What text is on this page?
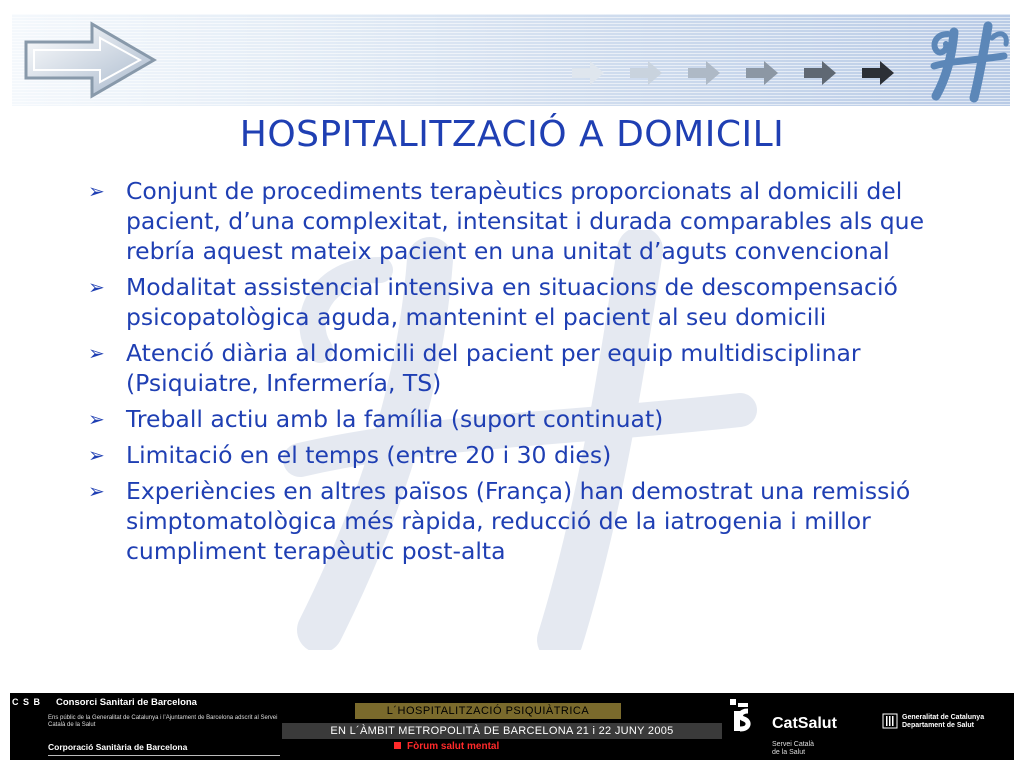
HOSPITALITZACIÓ A DOMICILI
➢ Conjunt de procediments terapèutics proporcionats al domicili del pacient, d’una complexitat, intensitat i durada comparables als que rebría aquest mateix pacient en una unitat d’aguts convencional
➢ Modalitat assistencial intensiva en situacions de descompensació psicopatològica aguda, mantenint el pacient al seu domicili
➢ Atenció diària al domicili del pacient per equip multidisciplinar (Psiquiatre, Infermería, TS)
➢ Treball actiu amb la família (suport continuat)
➢ Limitació en el temps (entre 20 i 30 dies)
➢ Experiències en altres països (França) han demostrat una remissió simptomatològica més ràpida, reducció de la iatrogenia i millor cumpliment terapèutic post-alta
C S B Consorci Sanitari de Barcelona
Ens públic de la Generalitat de Catalunya i l’Ajuntament de Barcelona adscrit al Servei Català de la Salut
Corporació Sanitària de Barcelona
L´HOSPITALITZACIÓ PSIQUIÀTRICA
EN L´ÀMBIT METROPOLITÀ DE BARCELONA 21 i 22 JUNY 2005
Fòrum salut mental
CatSalut
Servei Català
de la Salut
Generalitat de Catalunya
Departament de Salut
